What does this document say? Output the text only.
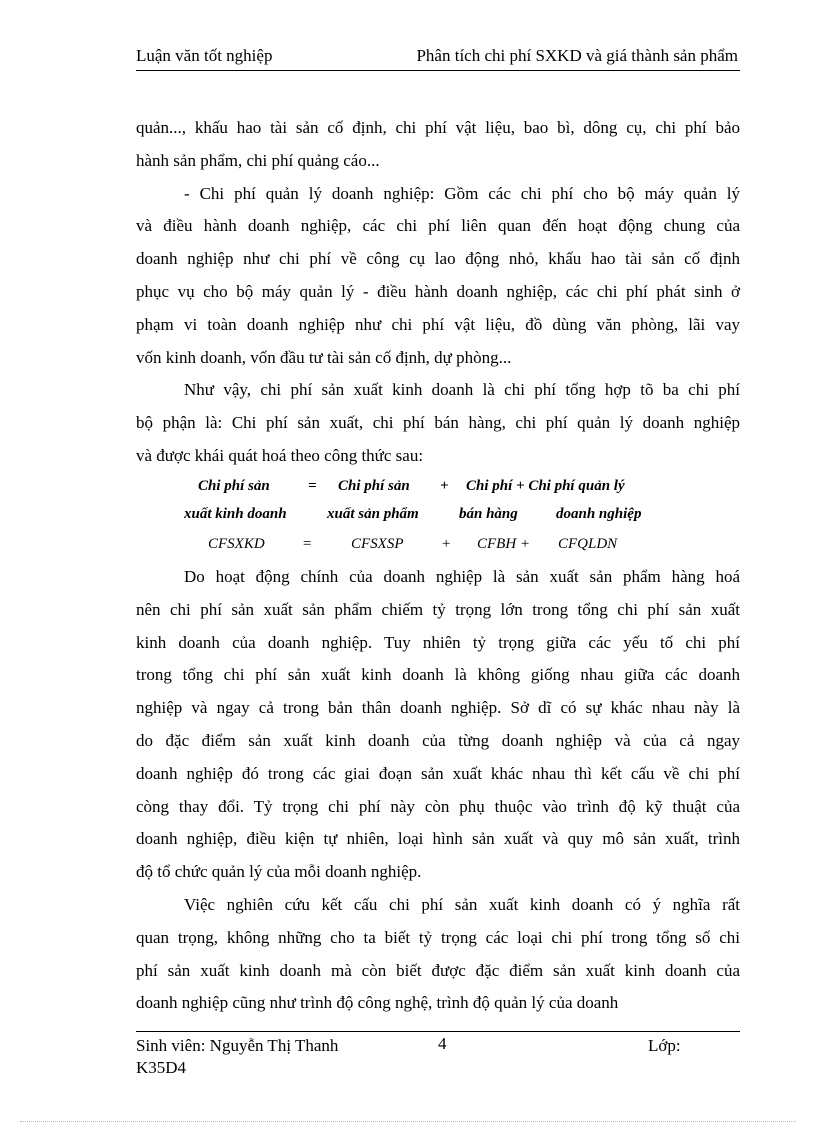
Luận văn tốt nghiệp	Phân tích chi phí SXKD và giá thành sản phẩm
quản..., khấu hao tài sản cố định, chi phí vật liệu, bao bì, dông cụ, chi phí bảo
hành sản phẩm, chi phí quảng cáo...
- Chi phí quản lý doanh nghiệp: Gồm các chi phí cho bộ máy quản lý
và điều hành doanh nghiệp, các chi phí liên quan đến hoạt động chung của
doanh nghiệp như chi phí về công cụ lao động nhỏ, khấu hao tài sản cố định
phục vụ cho bộ máy quản lý - điều hành doanh nghiệp, các chi phí phát sinh ở
phạm vi toàn doanh nghiệp như chi phí vật liệu, đồ dùng văn phòng, lãi vay
vốn kinh doanh, vốn đầu tư tài sản cố định, dự phòng...
Như vậy, chi phí sản xuất kinh doanh là chi phí tổng hợp tõ ba chi phí
bộ phận là: Chi phí sản xuất, chi phí bán hàng, chi phí quản lý doanh nghiệp
và được khái quát hoá theo công thức sau:
Chi phí sản	= Chi phí sản + Chi phí + Chi phí quản lý
xuất kinh doanh	xuất sản phẩm	bán hàng	doanh nghiệp
CFSXKD =	CFSXSP	+ CFBH + CFQLDN
Do hoạt động chính của doanh nghiệp là sản xuất sản phẩm hàng hoá
nên chi phí sản xuất sản phẩm chiếm tỷ trọng lớn trong tổng chi phí sản xuất
kinh doanh của doanh nghiệp. Tuy nhiên tỷ trọng giữa các yếu tố chi phí
trong tổng chi phí sản xuất kinh doanh là không giống nhau giữa các doanh
nghiệp và ngay cả trong bản thân doanh nghiệp. Sở dĩ có sự khác nhau này là
do đặc điểm sản xuất kinh doanh của từng doanh nghiệp và của cả ngay
doanh nghiệp đó trong các giai đoạn sản xuất khác nhau thì kết cấu về chi phí
còng thay đổi. Tỷ trọng chi phí này còn phụ thuộc vào trình độ kỹ thuật của
doanh nghiệp, điều kiện tự nhiên, loại hình sản xuất và quy mô sản xuất, trình
độ tổ chức quản lý của mỗi doanh nghiệp.
Việc nghiên cứu kết cấu chi phí sản xuất kinh doanh có ý nghĩa rất
quan trọng, không những cho ta biết tỷ trọng các loại chi phí trong tổng số chi
phí sản xuất kinh doanh mà còn biết được đặc điểm sản xuất kinh doanh của
doanh nghiệp cũng như trình độ công nghệ, trình độ quản lý của doanh
Sinh viên: Nguyễn Thị Thanh	4	Lớp:
K35D4
